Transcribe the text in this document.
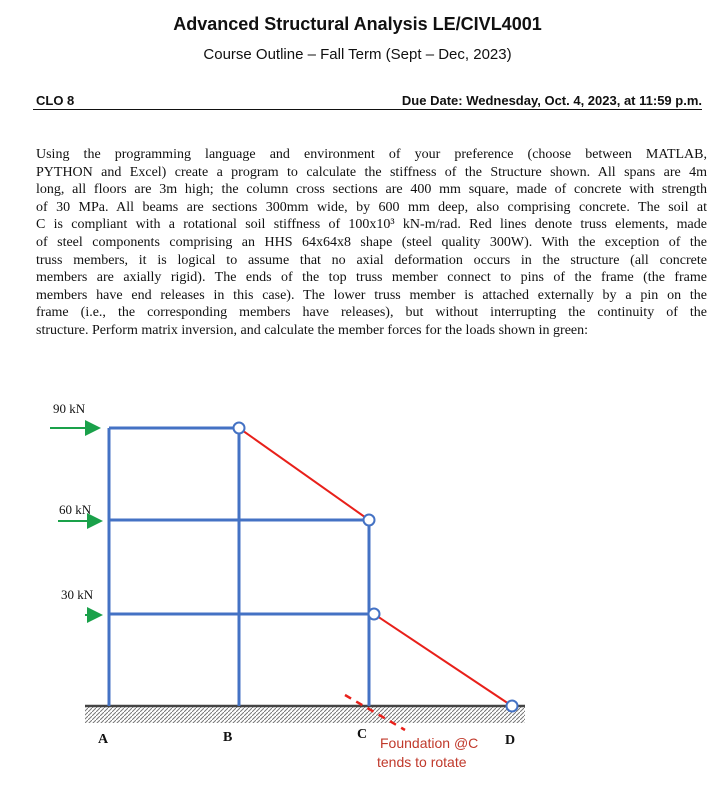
Advanced Structural Analysis LE/CIVL4001
Course Outline – Fall Term (Sept – Dec, 2023)
CLO 8	Due Date: Wednesday, Oct. 4, 2023, at 11:59 p.m.
Using the programming language and environment of your preference (choose between MATLAB,
PYTHON and Excel) create a program to calculate the stiffness of the Structure shown. All spans are 4m
long, all floors are 3m high; the column cross sections are 400 mm square, made of concrete with strength
of 30 MPa. All beams are sections 300mm wide, by 600 mm deep, also comprising concrete. The soil at
C is compliant with a rotational soil stiffness of 100x10³ kN-m/rad. Red lines denote truss elements, made
of steel components comprising an HHS 64x64x8 shape (steel quality 300W). With the exception of the
truss members, it is logical to assume that no axial deformation occurs in the structure (all concrete
members are axially rigid). The ends of the top truss member connect to pins of the frame (the frame
members have end releases in this case). The lower truss member is attached externally by a pin on the
frame (i.e., the corresponding members have releases), but without interrupting the continuity of the
structure. Perform matrix inversion, and calculate the member forces for the loads shown in green:
90 kN
60 kN
30 kN
A	B	C	D
Foundation @C
tends to rotate
